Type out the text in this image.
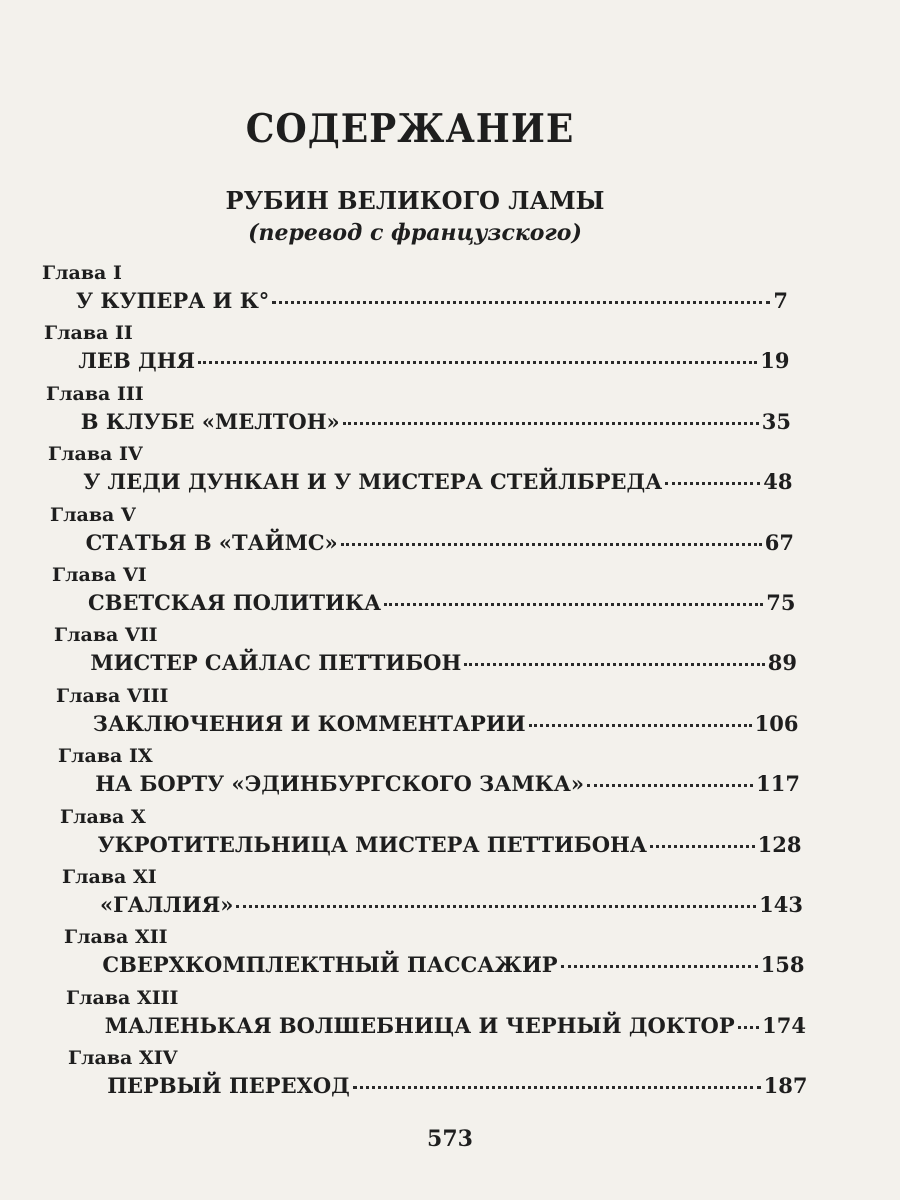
СОДЕРЖАНИЕ
РУБИН ВЕЛИКОГО ЛАМЫ
(перевод с французского)
Глава I
У КУПЕРА И К°	7
Глава II
ЛЕВ ДНЯ	19
Глава III
В КЛУБЕ «МЕЛТОН»	35
Глава IV
У ЛЕДИ ДУНКАН И У МИСТЕРА СТЕЙЛБРЕДА	48
Глава V
СТАТЬЯ В «ТАЙМС»	67
Глава VI
СВЕТСКАЯ ПОЛИТИКА	75
Глава VII
МИСТЕР САЙЛАС ПЕТТИБОН	89
Глава VIII
ЗАКЛЮЧЕНИЯ И КОММЕНТАРИИ	106
Глава IX
НА БОРТУ «ЭДИНБУРГСКОГО ЗАМКА»	117
Глава X
УКРОТИТЕЛЬНИЦА МИСТЕРА ПЕТТИБОНА	128
Глава XI
«ГАЛЛИЯ»	143
Глава XII
СВЕРХКОМПЛЕКТНЫЙ ПАССАЖИР	158
Глава XIII
МАЛЕНЬКАЯ ВОЛШЕБНИЦА И ЧЕРНЫЙ ДОКТОР 174
Глава XIV
ПЕРВЫЙ ПЕРЕХОД	187
573
